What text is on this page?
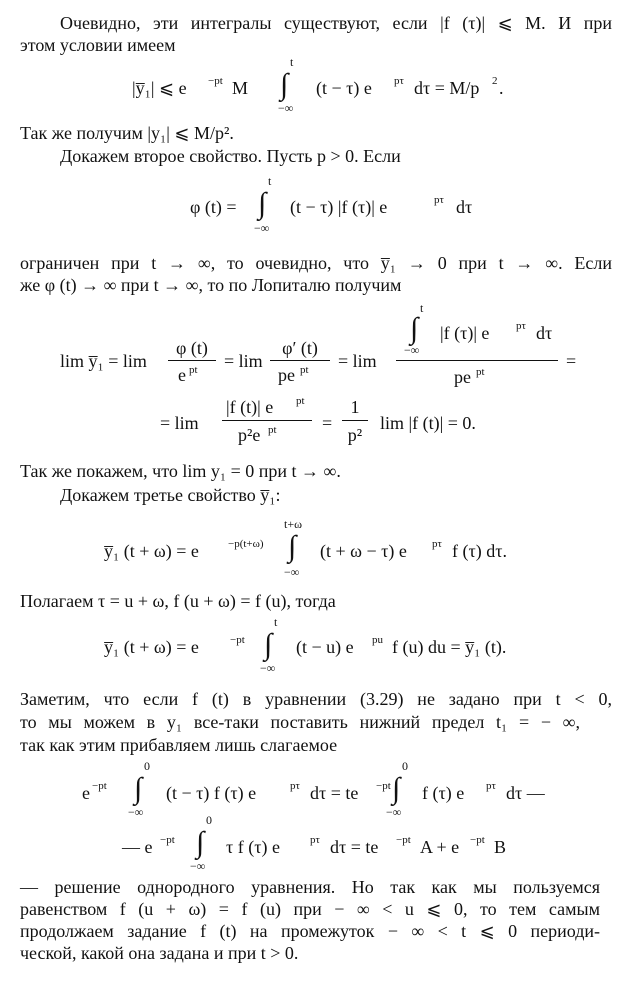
Очевидно, эти интегралы существуют, если |f (τ)| ⩽ M. И при
этом условии имеем
|y̅₁| ⩽ e −pt M
t
∫
−∞
(t − τ) e pτ dτ = M/p 2 .
Так же получим |y₁| ⩽ M/p².
Докажем второе свойство. Пусть p > 0. Если
φ (t) =
t
∫
−∞
(t − τ) |f (τ)| e	pτ dτ
ограничен при t → ∞, то очевидно, что y̅₁ → 0 при t → ∞. Если
же φ (t) → ∞ при t → ∞, то по Лопиталю получим
lim y̅₁ = lim
φ (t)
e pt = lim
φ′ (t)
pe pt = lim
t
∫
−∞
|f (τ)| e pτ dτ
pe pt
=
= lim
|f (t)| e pt
p²e pt	=
1
p²
lim |f (t)| = 0.
Так же покажем, что lim y₁ = 0 при t → ∞.
Докажем третье свойство y̅₁:
y̅₁ (t + ω) = e	−p(t+ω)
t+ω
∫
−∞
(t + ω − τ) e pτ f (τ) dτ.
Полагаем τ = u + ω, f (u + ω) = f (u), тогда
y̅₁ (t + ω) = e	−pt
t
∫
−∞
(t − u) e pu f (u) du = y̅₁ (t).
Заметим, что если f (t) в уравнении (3.29) не задано при t < 0,
то мы можем в y₁ все-таки поставить нижний предел t₁ = − ∞,
так как этим прибавляем лишь слагаемое
e −pt
0
∫
−∞
(t − τ) f (τ) e	pτ dτ = te −pt
0
∫
−∞
f (τ) e pτ dτ —
— e −pt
0
∫
−∞
τ f (τ) e	pτ dτ = te −pt A + e −pt B
— решение однородного уравнения. Но так как мы пользуемся
равенством f (u + ω) = f (u) при − ∞ < u ⩽ 0, то тем самым
продолжаем задание f (t) на промежуток − ∞ < t ⩽ 0 периоди-
ческой, какой она задана и при t > 0.
